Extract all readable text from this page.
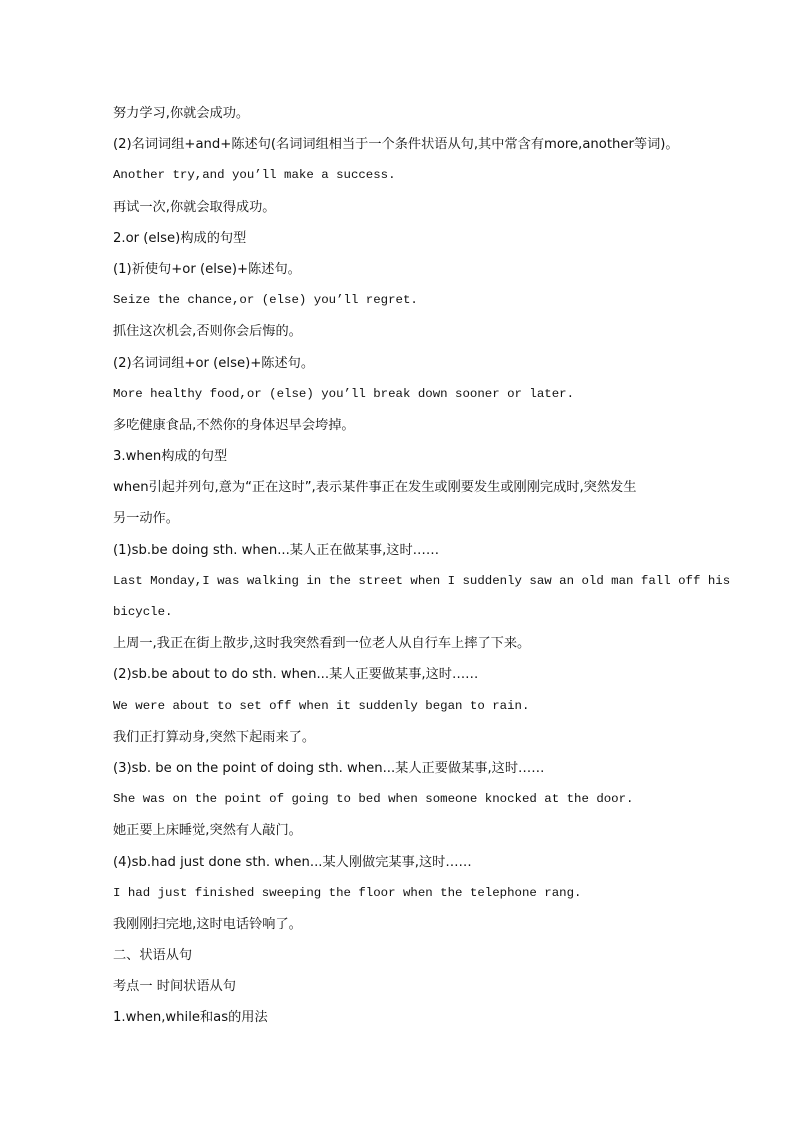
努力学习,你就会成功。
(2)名词词组+and+陈述句(名词词组相当于一个条件状语从句,其中常含有more,another等词)。
Another try,and you’ll make a success.
再试一次,你就会取得成功。
2.or (else)构成的句型
(1)祈使句+or (else)+陈述句。
Seize the chance,or (else) you’ll regret.
抓住这次机会,否则你会后悔的。
(2)名词词组+or (else)+陈述句。
More healthy food,or (else) you’ll break down sooner or later.
多吃健康食品,不然你的身体迟早会垮掉。
3.when构成的句型
when引起并列句,意为“正在这时”,表示某件事正在发生或刚要发生或刚刚完成时,突然发生
另一动作。
(1)sb.be doing sth. when...某人正在做某事,这时……
Last Monday,I was walking in the street when I suddenly saw an old man fall off his
bicycle.
上周一,我正在街上散步,这时我突然看到一位老人从自行车上摔了下来。
(2)sb.be about to do sth. when...某人正要做某事,这时……
We were about to set off when it suddenly began to rain.
我们正打算动身,突然下起雨来了。
(3)sb. be on the point of doing sth. when...某人正要做某事,这时……
She was on the point of going to bed when someone knocked at the door.
她正要上床睡觉,突然有人敲门。
(4)sb.had just done sth. when...某人刚做完某事,这时……
I had just finished sweeping the floor when the telephone rang.
我刚刚扫完地,这时电话铃响了。
二、状语从句
考点一 时间状语从句
1.when,while和as的用法
